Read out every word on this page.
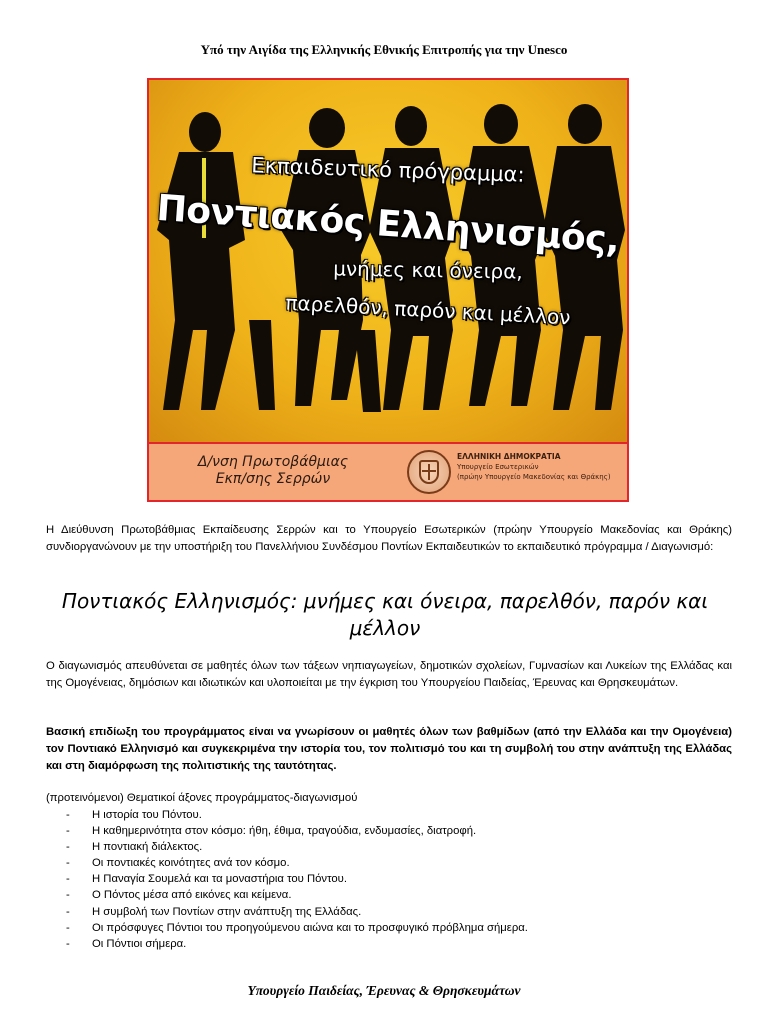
Υπό την Αιγίδα της Ελληνικής Εθνικής Επιτροπής για την Unesco
Εκπαιδευτικό πρόγραμμα:
Ποντιακός Ελληνισμός,
μνήμες και όνειρα,
παρελθόν, παρόν και μέλλον
Δ/νση Πρωτοβάθμιας
Εκπ/σης Σερρών
ΕΛΛΗΝΙΚΗ ΔΗΜΟΚΡΑΤΙΑ
Υπουργείο Εσωτερικών
(πρώην Υπουργείο Μακεδονίας και Θράκης)
Η Διεύθυνση Πρωτοβάθμιας Εκπαίδευσης Σερρών και το Υπουργείο Εσωτερικών (πρώην Υπουργείο Μακεδονίας και Θράκης) συνδιοργανώνουν με την υποστήριξη του Πανελλήνιου Συνδέσμου Ποντίων Εκπαιδευτικών το εκπαιδευτικό πρόγραμμα / Διαγωνισμό:
Ποντιακός Ελληνισμός: μνήμες και όνειρα, παρελθόν, παρόν και μέλλον
Ο διαγωνισμός απευθύνεται σε μαθητές όλων των τάξεων νηπιαγωγείων, δημοτικών σχολείων, Γυμνασίων και Λυκείων της Ελλάδας και της Ομογένειας, δημόσιων και ιδιωτικών και υλοποιείται με την έγκριση του Υπουργείου Παιδείας, Έρευνας και Θρησκευμάτων.
Βασική επιδίωξη του προγράμματος είναι να γνωρίσουν οι μαθητές όλων των βαθμίδων (από την Ελλάδα και την Ομογένεια) τον Ποντιακό Ελληνισμό και συγκεκριμένα την ιστορία του, τον πολιτισμό του και τη συμβολή του στην ανάπτυξη της Ελλάδας και στη διαμόρφωση της πολιτιστικής της ταυτότητας.
(προτεινόμενοι) Θεματικοί άξονες προγράμματος-διαγωνισμού
- Η ιστορία του Πόντου.
- Η καθημερινότητα στον κόσμο: ήθη, έθιμα, τραγούδια, ενδυμασίες, διατροφή.
- Η ποντιακή διάλεκτος.
- Οι ποντιακές κοινότητες ανά τον κόσμο.
- Η Παναγία Σουμελά και τα μοναστήρια του Πόντου.
- Ο Πόντος μέσα από εικόνες και κείμενα.
- Η συμβολή των Ποντίων στην ανάπτυξη της Ελλάδας.
- Οι πρόσφυγες Πόντιοι του προηγούμενου αιώνα και το προσφυγικό πρόβλημα σήμερα.
- Οι Πόντιοι σήμερα.
Υπουργείο Παιδείας, Έρευνας & Θρησκευμάτων
